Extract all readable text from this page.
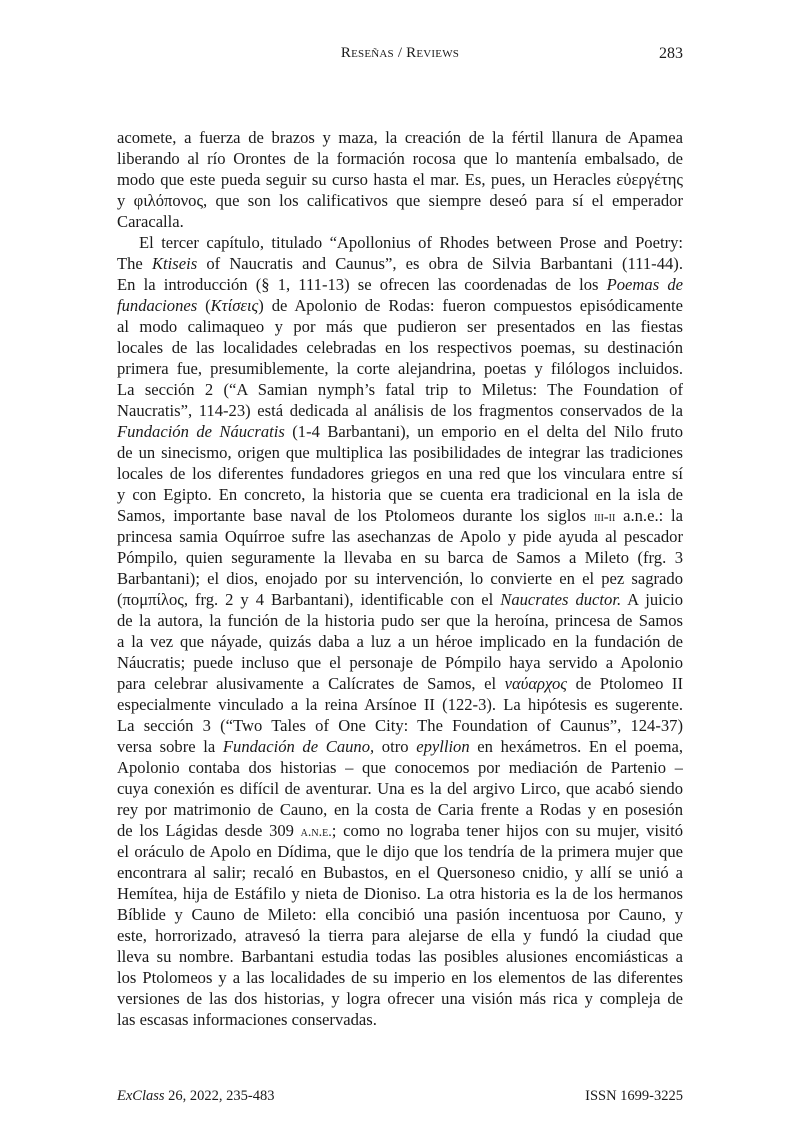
Reseñas / Reviews	283
acomete, a fuerza de brazos y maza, la creación de la fértil llanura de Apamea
liberando al río Orontes de la formación rocosa que lo mantenía embalsado, de
modo que este pueda seguir su curso hasta el mar. Es, pues, un Heracles εὐεργέτης
y φιλόπονος, que son los calificativos que siempre deseó para sí el emperador
Caracalla.
El tercer capítulo, titulado “Apollonius of Rhodes between Prose and Poetry:
The Ktiseis of Naucratis and Caunus”, es obra de Silvia Barbantani (111-44).
En la introducción (§ 1, 111-13) se ofrecen las coordenadas de los Poemas de
fundaciones (Κτίσεις) de Apolonio de Rodas: fueron compuestos episódicamente
al modo calimaqueo y por más que pudieron ser presentados en las fiestas
locales de las localidades celebradas en los respectivos poemas, su destinación
primera fue, presumiblemente, la corte alejandrina, poetas y filólogos incluidos.
La sección 2 (“A Samian nymph’s fatal trip to Miletus: The Foundation of
Naucratis”, 114-23) está dedicada al análisis de los fragmentos conservados de la
Fundación de Náucratis (1-4 Barbantani), un emporio en el delta del Nilo fruto
de un sinecismo, origen que multiplica las posibilidades de integrar las tradiciones
locales de los diferentes fundadores griegos en una red que los vinculara entre sí
y con Egipto. En concreto, la historia que se cuenta era tradicional en la isla de
Samos, importante base naval de los Ptolomeos durante los siglos iii-ii a.n.e.: la
princesa samia Oquírroe sufre las asechanzas de Apolo y pide ayuda al pescador
Pómpilo, quien seguramente la llevaba en su barca de Samos a Mileto (frg. 3
Barbantani); el dios, enojado por su intervención, lo convierte en el pez sagrado
(πομπίλος, frg. 2 y 4 Barbantani), identificable con el Naucrates ductor. A juicio
de la autora, la función de la historia pudo ser que la heroína, princesa de Samos
a la vez que náyade, quizás daba a luz a un héroe implicado en la fundación de
Náucratis; puede incluso que el personaje de Pómpilo haya servido a Apolonio
para celebrar alusivamente a Calícrates de Samos, el ναύαρχος de Ptolomeo II
especialmente vinculado a la reina Arsínoe II (122-3). La hipótesis es sugerente.
La sección 3 (“Two Tales of One City: The Foundation of Caunus”, 124-37)
versa sobre la Fundación de Cauno, otro epyllion en hexámetros. En el poema,
Apolonio contaba dos historias – que conocemos por mediación de Partenio –
cuya conexión es difícil de aventurar. Una es la del argivo Lirco, que acabó siendo
rey por matrimonio de Cauno, en la costa de Caria frente a Rodas y en posesión
de los Lágidas desde 309 a.n.e.; como no lograba tener hijos con su mujer, visitó
el oráculo de Apolo en Dídima, que le dijo que los tendría de la primera mujer que
encontrara al salir; recaló en Bubastos, en el Quersoneso cnidio, y allí se unió a
Hemítea, hija de Estáfilo y nieta de Dioniso. La otra historia es la de los hermanos
Bíblide y Cauno de Mileto: ella concibió una pasión incentuosa por Cauno, y
este, horrorizado, atravesó la tierra para alejarse de ella y fundó la ciudad que
lleva su nombre. Barbantani estudia todas las posibles alusiones encomiásticas a
los Ptolomeos y a las localidades de su imperio en los elementos de las diferentes
versiones de las dos historias, y logra ofrecer una visión más rica y compleja de
las escasas informaciones conservadas.
ExClass 26, 2022, 235-483	ISSN 1699-3225
